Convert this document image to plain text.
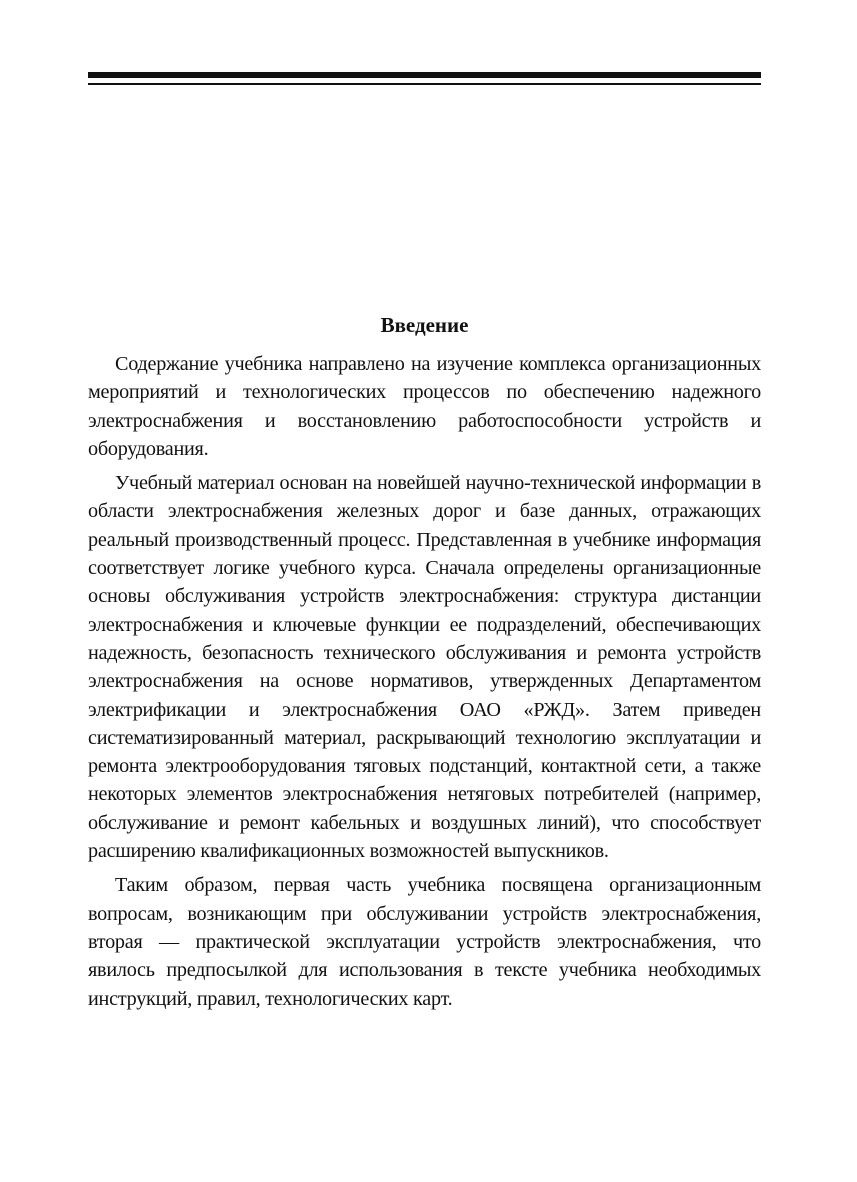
Введение

Содержание учебника направлено на изучение комплекса организационных мероприятий и технологических процессов по обеспечению надежного электроснабжения и восстановлению работоспособности устройств и оборудования.

Учебный материал основан на новейшей научно-технической информации в области электроснабжения железных дорог и базе данных, отражающих реальный производственный процесс. Представленная в учебнике информация соответствует логике учебного курса. Сначала определены организационные основы обслуживания устройств электроснабжения: структура дистанции электроснабжения и ключевые функции ее подразделений, обеспечивающих надежность, безопасность технического обслуживания и ремонта устройств электроснабжения на основе нормативов, утвержденных Департаментом электрификации и электроснабжения ОАО «РЖД». Затем приведен систематизированный материал, раскрывающий технологию эксплуатации и ремонта электрооборудования тяговых подстанций, контактной сети, а также некоторых элементов электроснабжения нетяговых потребителей (например, обслуживание и ремонт кабельных и воздушных линий), что способствует расширению квалификационных возможностей выпускников.

Таким образом, первая часть учебника посвящена организационным вопросам, возникающим при обслуживании устройств электроснабжения, вторая — практической эксплуатации устройств электроснабжения, что явилось предпосылкой для использования в тексте учебника необходимых инструкций, правил, технологических карт.
